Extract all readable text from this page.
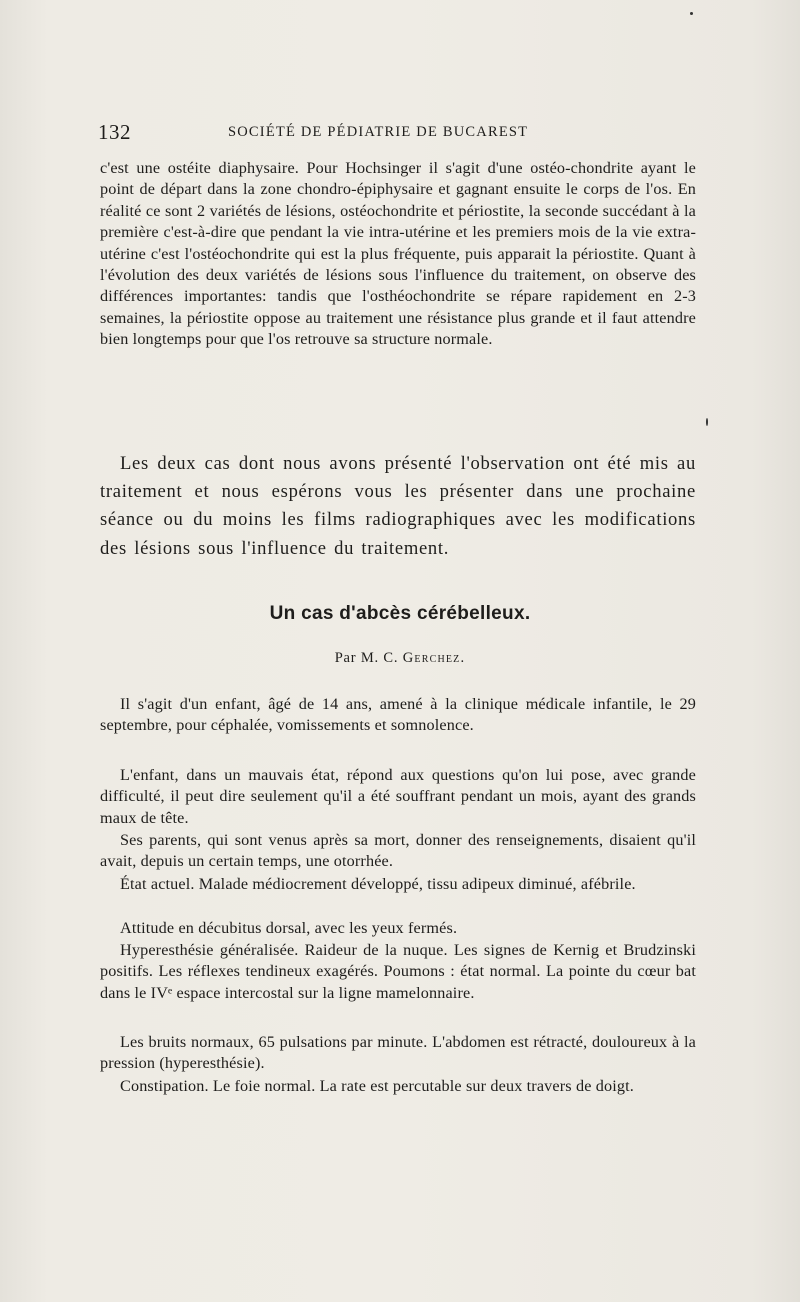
132	SOCIÉTÉ DE PÉDIATRIE DE BUCAREST

c'est une ostéite diaphysaire. Pour Hochsinger il s'agit d'une ostéo-chondrite ayant le point de départ dans la zone chondro-épiphysaire et gagnant ensuite le corps de l'os. En réalité ce sont 2 variétés de lésions, ostéochondrite et périostite, la seconde succédant à la première c'est-à-dire que pendant la vie intra-utérine et les premiers mois de la vie extra-utérine c'est l'ostéochondrite qui est la plus fréquente, puis apparait la périostite. Quant à l'évolution des deux variétés de lésions sous l'influence du traitement, on observe des différences importantes: tandis que l'osthéochondrite se répare rapidement en 2-3 semaines, la périostite oppose au traitement une résistance plus grande et il faut attendre bien longtemps pour que l'os retrouve sa structure normale.

Les deux cas dont nous avons présenté l'observation ont été mis au traitement et nous espérons vous les présenter dans une prochaine séance ou du moins les films radiographiques avec les modifications des lésions sous l'influence du traitement.

Un cas d'abcès cérébelleux.
Par M. C. Gerchez.

Il s'agit d'un enfant, âgé de 14 ans, amené à la clinique médicale infantile, le 29 septembre, pour céphalée, vomissements et somnolence.

L'enfant, dans un mauvais état, répond aux questions qu'on lui pose, avec grande difficulté, il peut dire seulement qu'il a été souffrant pendant un mois, ayant des grands maux de tête.

Ses parents, qui sont venus après sa mort, donner des renseignements, disaient qu'il avait, depuis un certain temps, une otorrhée.

État actuel. Malade médiocrement développé, tissu adipeux diminué, afébrile.

Attitude en décubitus dorsal, avec les yeux fermés.

Hyperesthésie généralisée. Raideur de la nuque. Les signes de Kernig et Brudzinski positifs. Les réflexes tendineux exagérés. Poumons : état normal. La pointe du cœur bat dans le IVᵉ espace intercostal sur la ligne mamelonnaire.

Les bruits normaux, 65 pulsations par minute. L'abdomen est rétracté, douloureux à la pression (hyperesthésie).

Constipation. Le foie normal. La rate est percutable sur deux travers de doigt.
